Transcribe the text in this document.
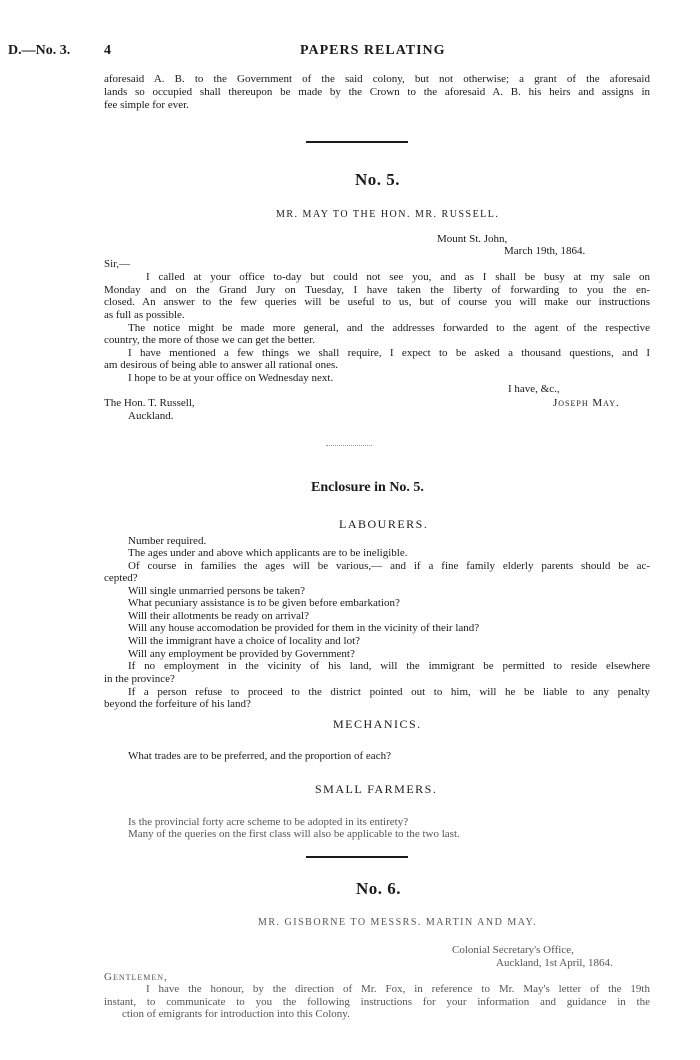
D.—No. 3. 4	PAPERS RELATING
aforesaid A. B. to the Government of the said colony, but not otherwise; a grant of the aforesaid
lands so occupied shall thereupon be made by the Crown to the aforesaid A. B. his heirs and assigns in
fee simple for ever.
No. 5.
MR. MAY TO THE HON. MR. RUSSELL.
Mount St. John,
March 19th, 1864.
Sir,—
I called at your office to-day but could not see you, and as I shall be busy at my sale on
Monday and on the Grand Jury on Tuesday, I have taken the liberty of forwarding to you the en-
closed. An answer to the few queries will be useful to us, but of course you will make our instructions
as full as possible.
The notice might be made more general, and the addresses forwarded to the agent of the respective
country, the more of those we can get the better.
I have mentioned a few things we shall require, I expect to be asked a thousand questions, and I
am desirous of being able to answer all rational ones.
I hope to be at your office on Wednesday next.
I have, &c.,
The Hon. T. Russell,	Joseph May.
Auckland.
Enclosure in No. 5.
LABOURERS.
Number required.
The ages under and above which applicants are to be ineligible.
Of course in families the ages will be various,— and if a fine family elderly parents should be ac-
cepted?
Will single unmarried persons be taken?
What pecuniary assistance is to be given before embarkation?
Will their allotments be ready on arrival?
Will any house accomodation be provided for them in the vicinity of their land?
Will the immigrant have a choice of locality and lot?
Will any employment be provided by Government?
If no employment in the vicinity of his land, will the immigrant be permitted to reside elsewhere
in the province?
If a person refuse to proceed to the district pointed out to him, will he be liable to any penalty
beyond the forfeiture of his land?
MECHANICS.
What trades are to be preferred, and the proportion of each?
SMALL FARMERS.
Is the provincial forty acre scheme to be adopted in its entirety?
Many of the queries on the first class will also be applicable to the two last.
No. 6.
MR. GISBORNE TO MESSRS. MARTIN AND MAY.
Colonial Secretary's Office,
Auckland, 1st April, 1864.
Gentlemen,
I have the honour, by the direction of Mr. Fox, in reference to Mr. May's letter of the 19th
instant, to communicate to you the following instructions for your information and guidance in the
ction of emigrants for introduction into this Colony.
